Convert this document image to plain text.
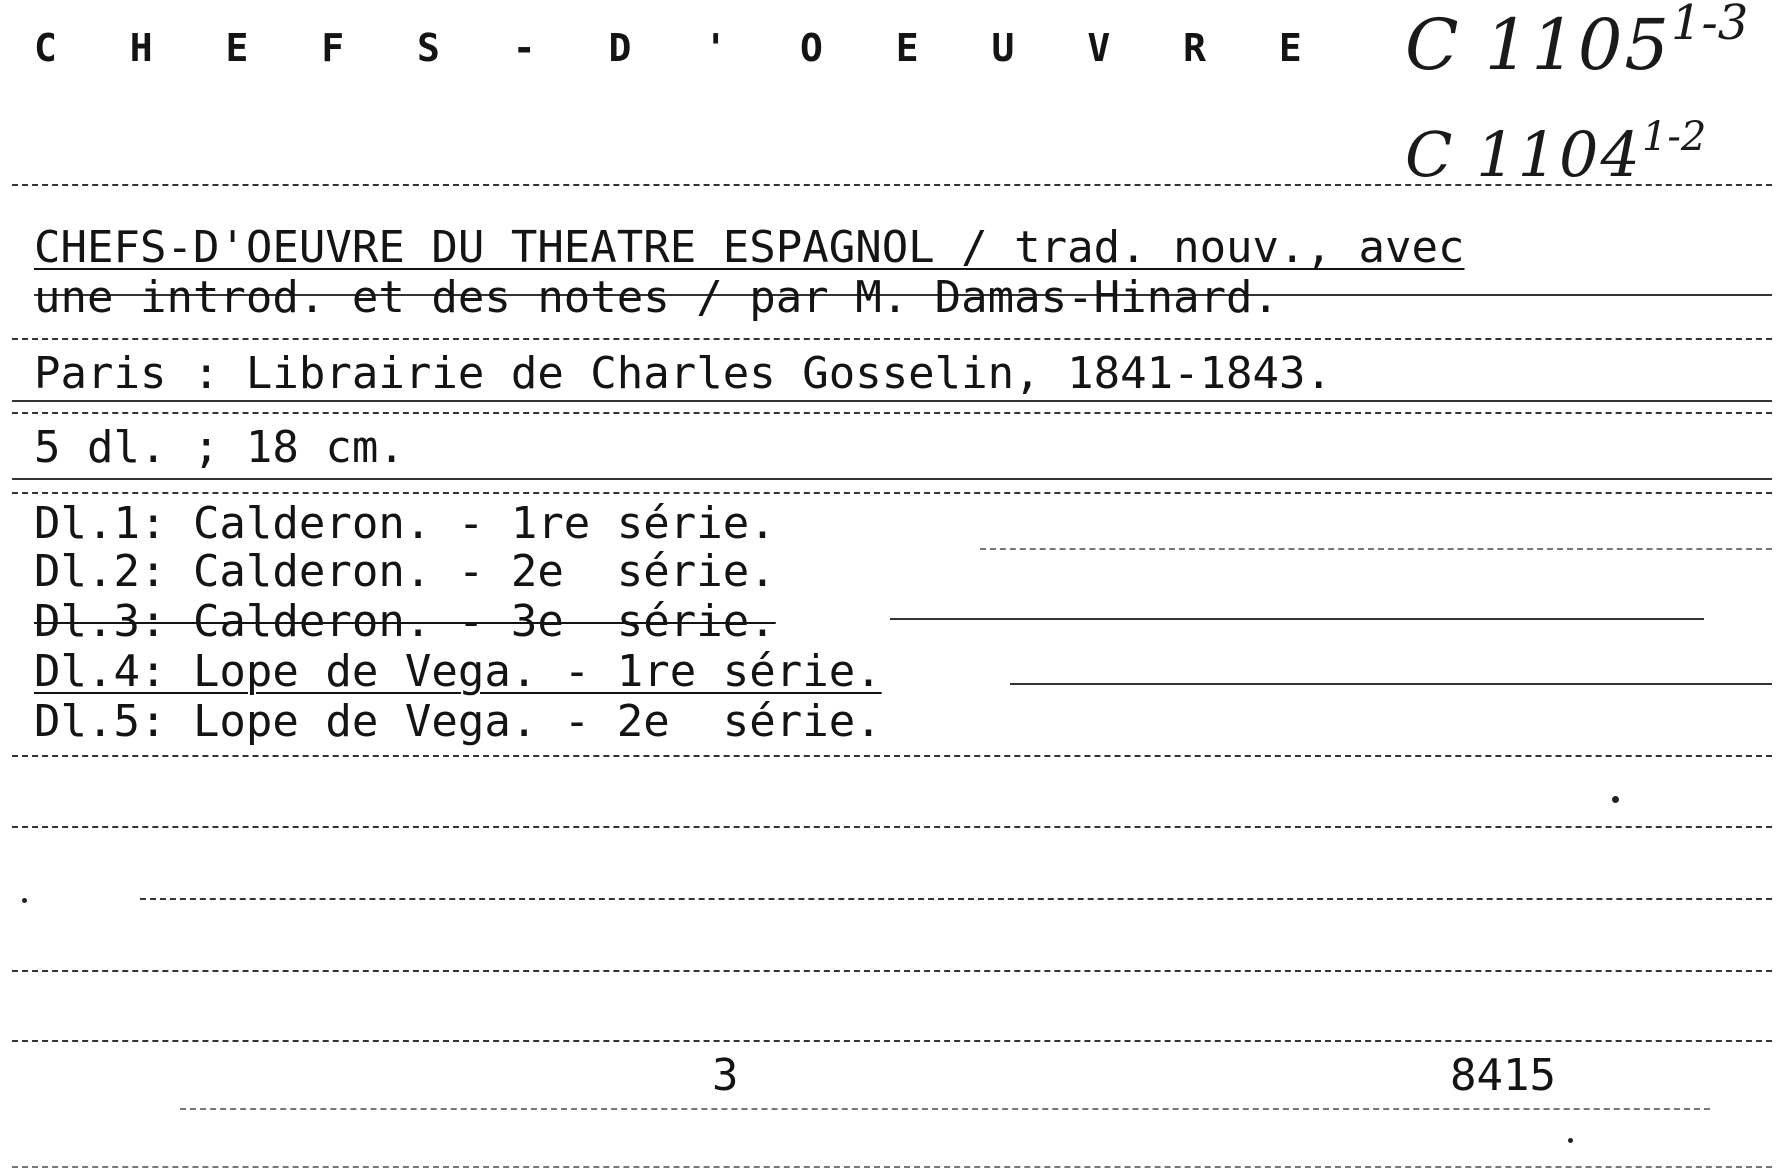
C H E F S - D ' O E U V R E C 1105$^{1-3}$
C 1104$^{1-2}$
CHEFS-D'OEUVRE DU THEATRE ESPAGNOL / trad. nouv., avec
une introd. et des notes / par M. Damas-Hinard.
Paris : Librairie de Charles Gosselin, 1841-1843.
5 dl. ; 18 cm.
Dl.1: Calderon. - 1re série.
Dl.2: Calderon. - 2e  série.
Dl.3: Calderon. - 3e  série.
Dl.4: Lope de Vega. - 1re série.
Dl.5: Lope de Vega. - 2e  série.
3	8415
